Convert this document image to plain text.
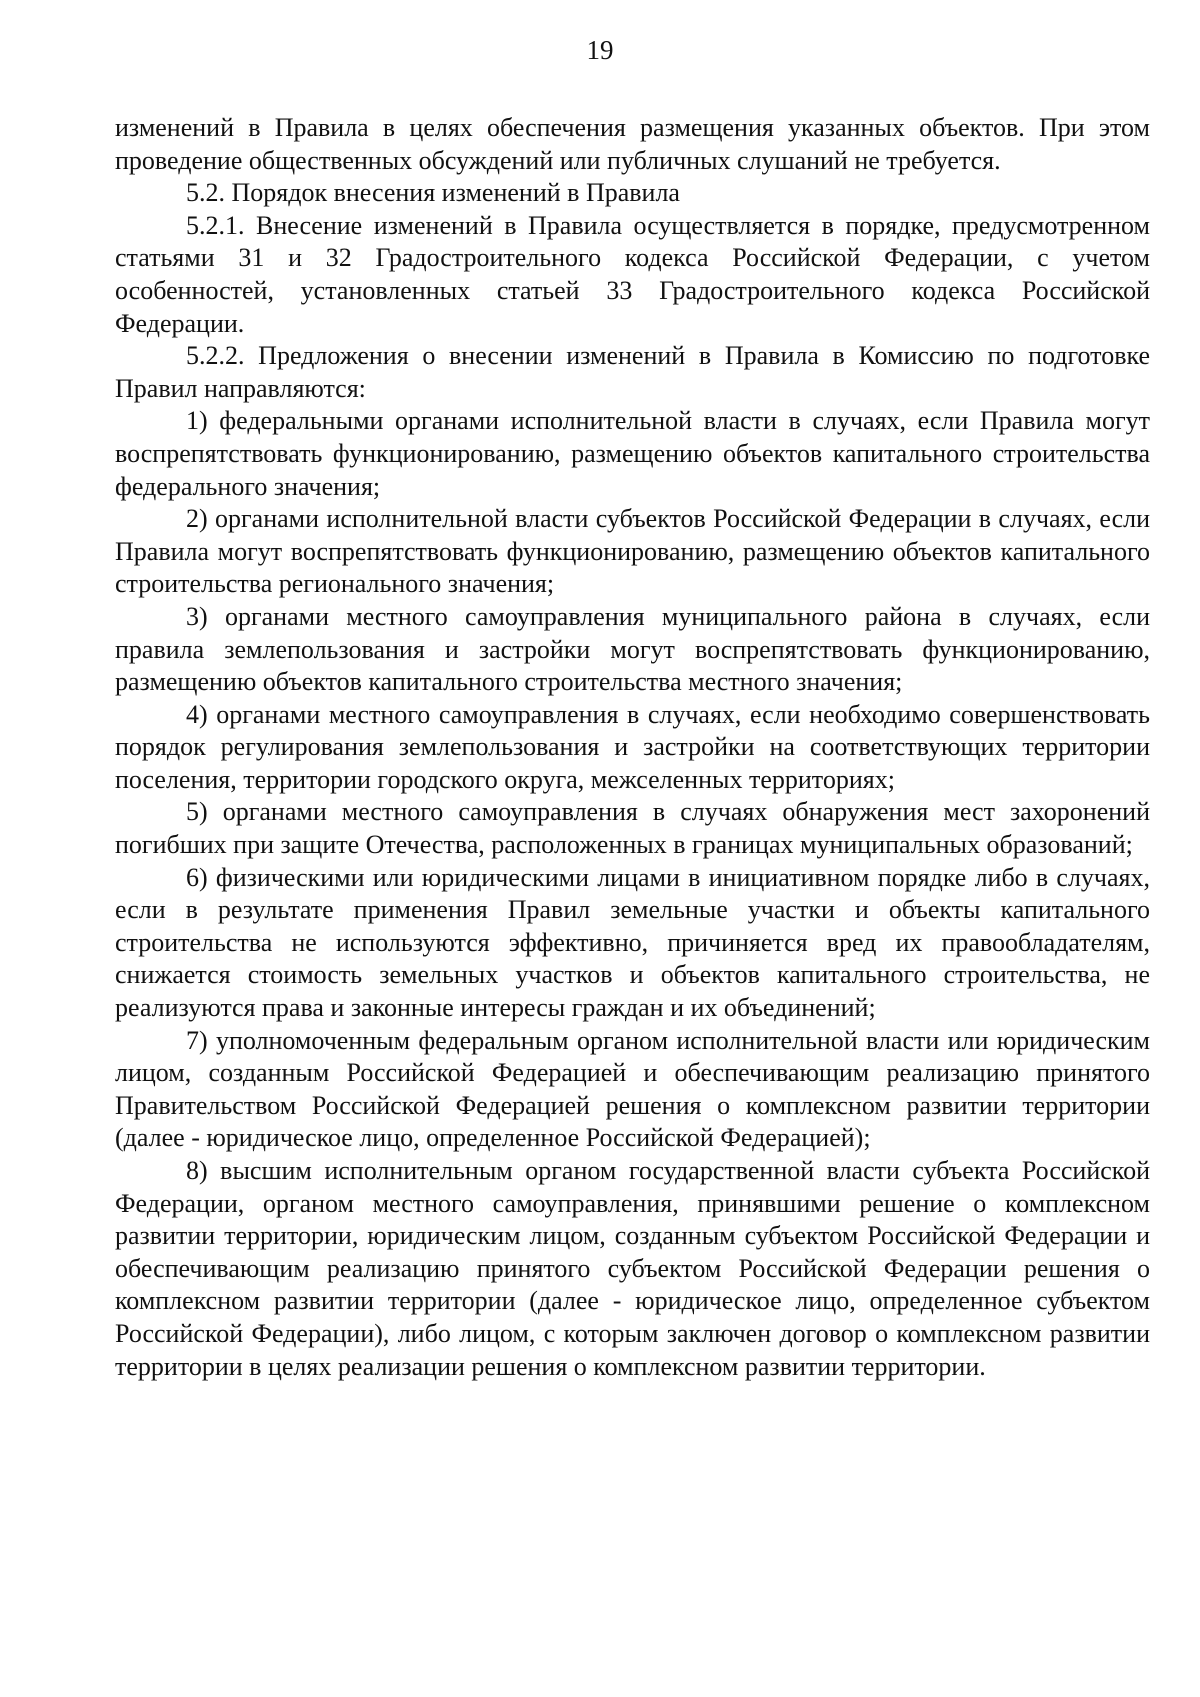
19

изменений в Правила в целях обеспечения размещения указанных объектов. При этом проведение общественных обсуждений или публичных слушаний не требуется.

5.2. Порядок внесения изменений в Правила

5.2.1. Внесение изменений в Правила осуществляется в порядке, предусмотренном статьями 31 и 32 Градостроительного кодекса Российской Федерации, с учетом особенностей, установленных статьей 33 Градостроительного кодекса Российской Федерации.

5.2.2. Предложения о внесении изменений в Правила в Комиссию по подготовке Правил направляются:

1) федеральными органами исполнительной власти в случаях, если Правила могут воспрепятствовать функционированию, размещению объектов капитального строительства федерального значения;

2) органами исполнительной власти субъектов Российской Федерации в случаях, если Правила могут воспрепятствовать функционированию, размещению объектов капитального строительства регионального значения;

3) органами местного самоуправления муниципального района в случаях, если правила землепользования и застройки могут воспрепятствовать функционированию, размещению объектов капитального строительства местного значения;

4) органами местного самоуправления в случаях, если необходимо совершенствовать порядок регулирования землепользования и застройки на соответствующих территории поселения, территории городского округа, межселенных территориях;

5) органами местного самоуправления в случаях обнаружения мест захоронений погибших при защите Отечества, расположенных в границах муниципальных образований;

6) физическими или юридическими лицами в инициативном порядке либо в случаях, если в результате применения Правил земельные участки и объекты капитального строительства не используются эффективно, причиняется вред их правообладателям, снижается стоимость земельных участков и объектов капитального строительства, не реализуются права и законные интересы граждан и их объединений;

7) уполномоченным федеральным органом исполнительной власти или юридическим лицом, созданным Российской Федерацией и обеспечивающим реализацию принятого Правительством Российской Федерацией решения о комплексном развитии территории (далее - юридическое лицо, определенное Российской Федерацией);

8) высшим исполнительным органом государственной власти субъекта Российской Федерации, органом местного самоуправления, принявшими решение о комплексном развитии территории, юридическим лицом, созданным субъектом Российской Федерации и обеспечивающим реализацию принятого субъектом Российской Федерации решения о комплексном развитии территории (далее - юридическое лицо, определенное субъектом Российской Федерации), либо лицом, с которым заключен договор о комплексном развитии территории в целях реализации решения о комплексном развитии территории.
